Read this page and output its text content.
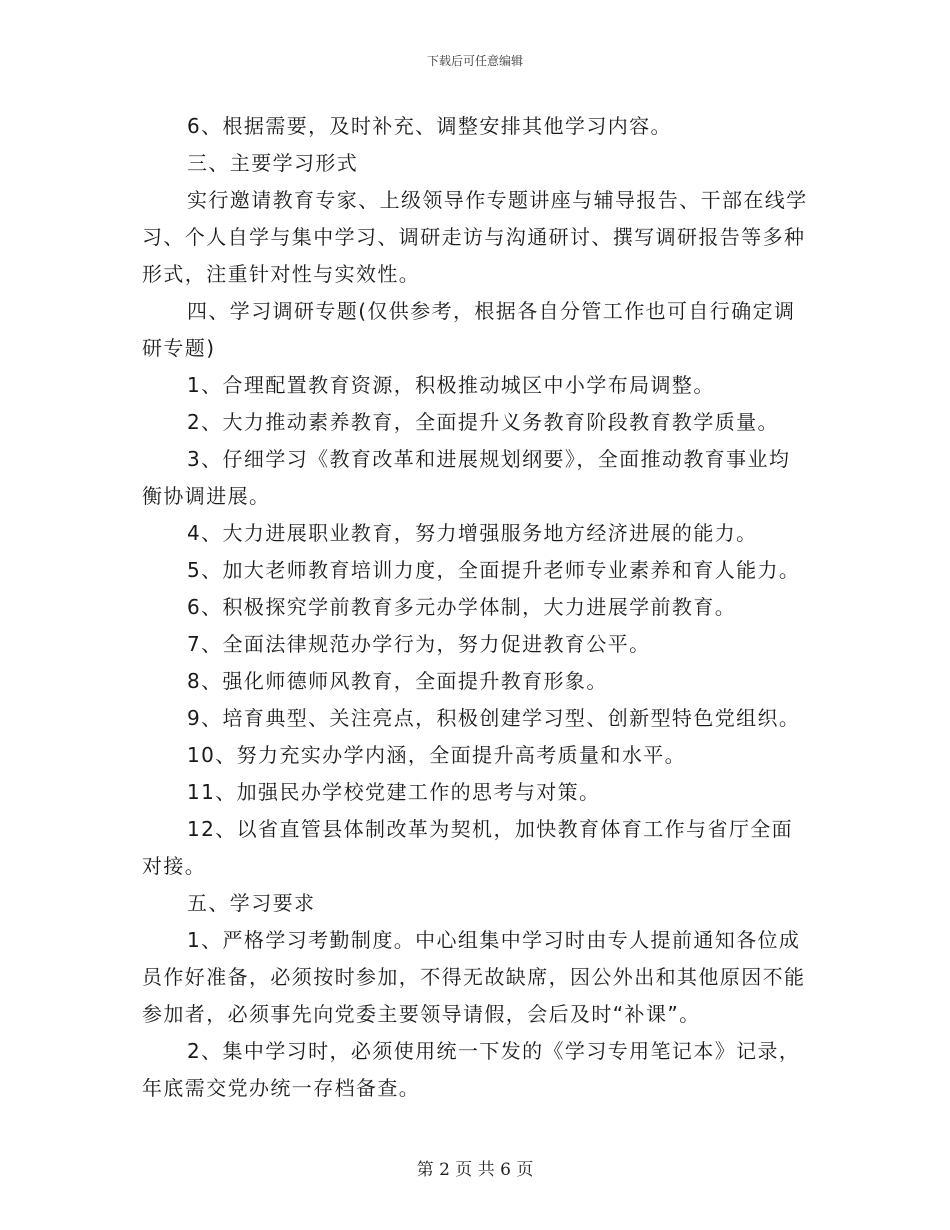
下载后可任意编辑

6、根据需要，及时补充、调整安排其他学习内容。

三、主要学习形式

实行邀请教育专家、上级领导作专题讲座与辅导报告、干部在线学习、个人自学与集中学习、调研走访与沟通研讨、撰写调研报告等多种形式，注重针对性与实效性。

四、学习调研专题(仅供参考，根据各自分管工作也可自行确定调研专题)

1、合理配置教育资源，积极推动城区中小学布局调整。

2、大力推动素养教育，全面提升义务教育阶段教育教学质量。

3、仔细学习《教育改革和进展规划纲要》，全面推动教育事业均衡协调进展。

4、大力进展职业教育，努力增强服务地方经济进展的能力。

5、加大老师教育培训力度，全面提升老师专业素养和育人能力。

6、积极探究学前教育多元办学体制，大力进展学前教育。

7、全面法律规范办学行为，努力促进教育公平。

8、强化师德师风教育，全面提升教育形象。

9、培育典型、关注亮点，积极创建学习型、创新型特色党组织。

10、努力充实办学内涵，全面提升高考质量和水平。

11、加强民办学校党建工作的思考与对策。

12、以省直管县体制改革为契机，加快教育体育工作与省厅全面对接。

五、学习要求

1、严格学习考勤制度。中心组集中学习时由专人提前通知各位成员作好准备，必须按时参加，不得无故缺席，因公外出和其他原因不能参加者，必须事先向党委主要领导请假，会后及时“补课”。

2、集中学习时，必须使用统一下发的《学习专用笔记本》记录，年底需交党办统一存档备查。

第 2 页 共 6 页
